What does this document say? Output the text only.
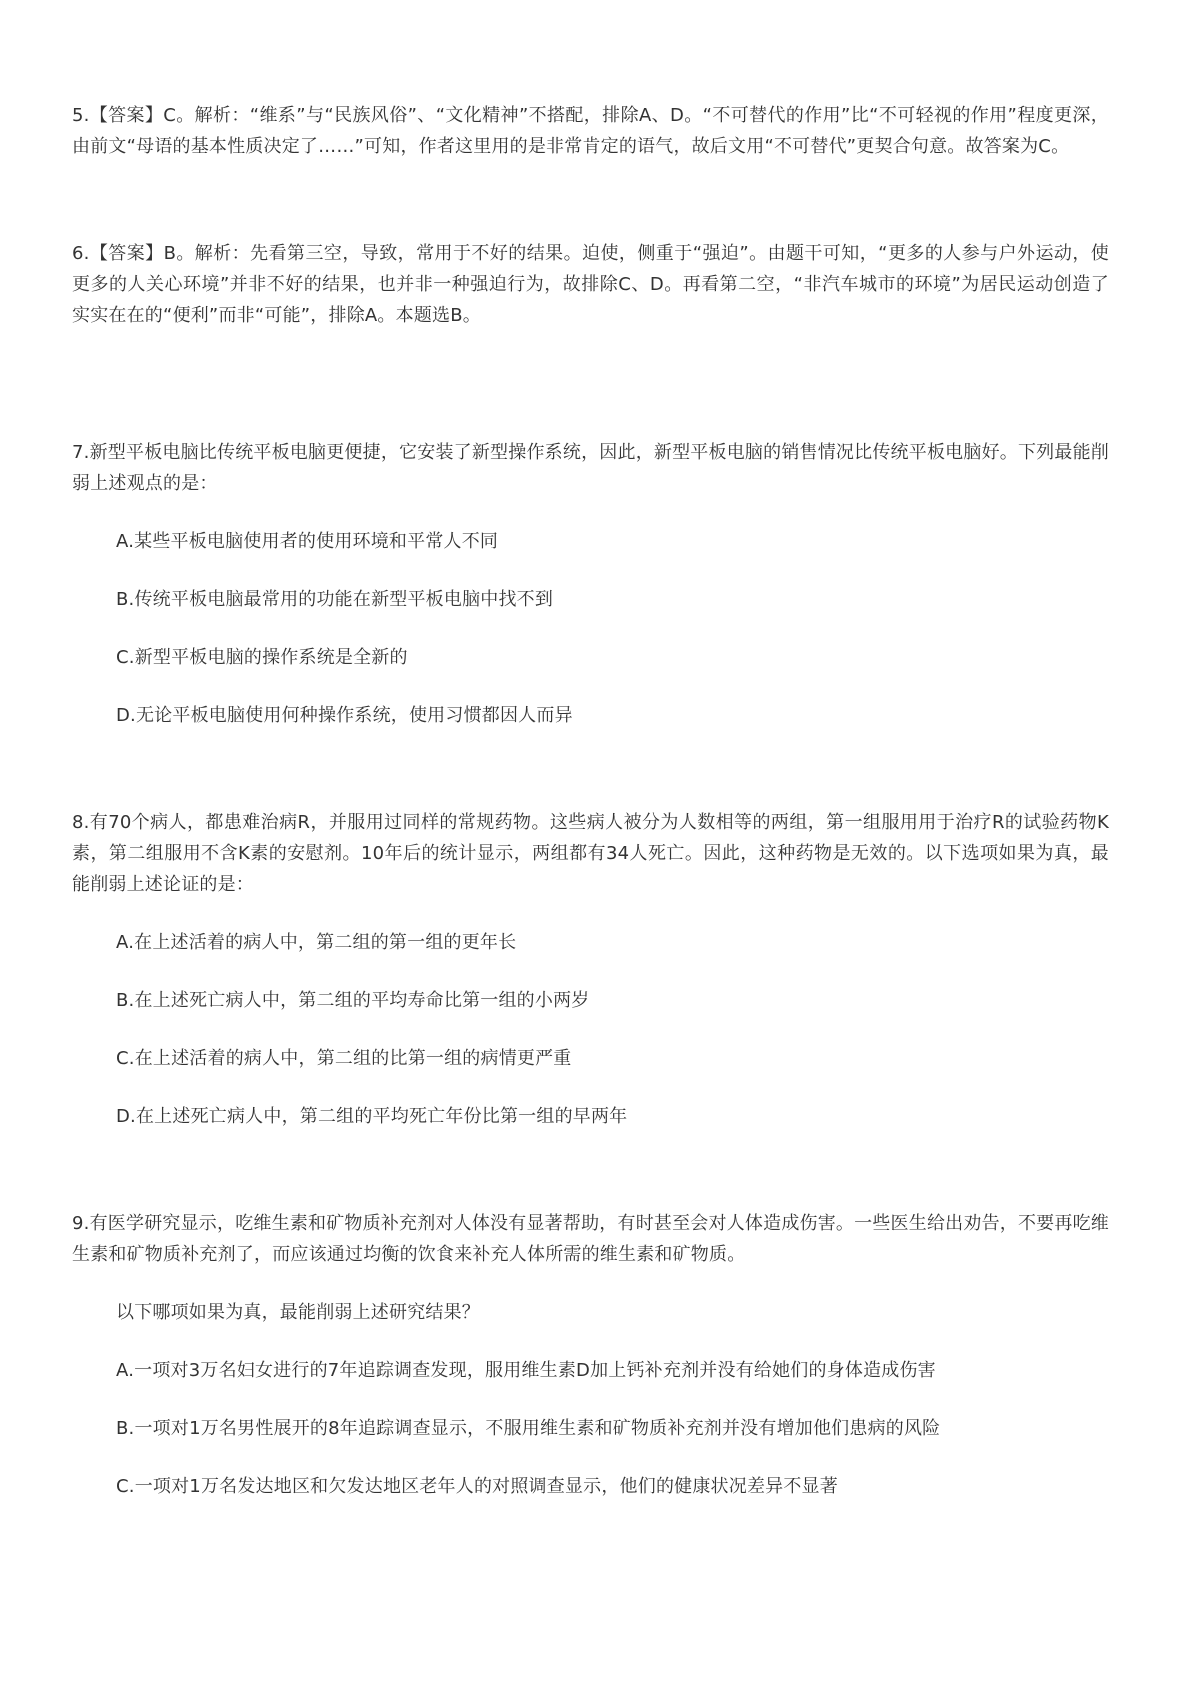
5.【答案】C。解析：“维系”与“民族风俗”、“文化精神”不搭配，排除A、D。“不可替代的作用”比“不可轻视的作用”程度更深，由前文“母语的基本性质决定了……”可知，作者这里用的是非常肯定的语气，故后文用“不可替代”更契合句意。故答案为C。

6.【答案】B。解析：先看第三空，导致，常用于不好的结果。迫使，侧重于“强迫”。由题干可知，“更多的人参与户外运动，使更多的人关心环境”并非不好的结果，也并非一种强迫行为，故排除C、D。再看第二空，“非汽车城市的环境”为居民运动创造了实实在在的“便利”而非“可能”，排除A。本题选B。

7.新型平板电脑比传统平板电脑更便捷，它安装了新型操作系统，因此，新型平板电脑的销售情况比传统平板电脑好。下列最能削弱上述观点的是：

A.某些平板电脑使用者的使用环境和平常人不同

B.传统平板电脑最常用的功能在新型平板电脑中找不到

C.新型平板电脑的操作系统是全新的

D.无论平板电脑使用何种操作系统，使用习惯都因人而异

8.有70个病人，都患难治病R，并服用过同样的常规药物。这些病人被分为人数相等的两组，第一组服用用于治疗R的试验药物K素，第二组服用不含K素的安慰剂。10年后的统计显示，两组都有34人死亡。因此，这种药物是无效的。以下选项如果为真，最能削弱上述论证的是：

A.在上述活着的病人中，第二组的第一组的更年长

B.在上述死亡病人中，第二组的平均寿命比第一组的小两岁

C.在上述活着的病人中，第二组的比第一组的病情更严重

D.在上述死亡病人中，第二组的平均死亡年份比第一组的早两年

9.有医学研究显示，吃维生素和矿物质补充剂对人体没有显著帮助，有时甚至会对人体造成伤害。一些医生给出劝告，不要再吃维生素和矿物质补充剂了，而应该通过均衡的饮食来补充人体所需的维生素和矿物质。

以下哪项如果为真，最能削弱上述研究结果？

A.一项对3万名妇女进行的7年追踪调查发现，服用维生素D加上钙补充剂并没有给她们的身体造成伤害

B.一项对1万名男性展开的8年追踪调查显示，不服用维生素和矿物质补充剂并没有增加他们患病的风险

C.一项对1万名发达地区和欠发达地区老年人的对照调查显示，他们的健康状况差异不显著
